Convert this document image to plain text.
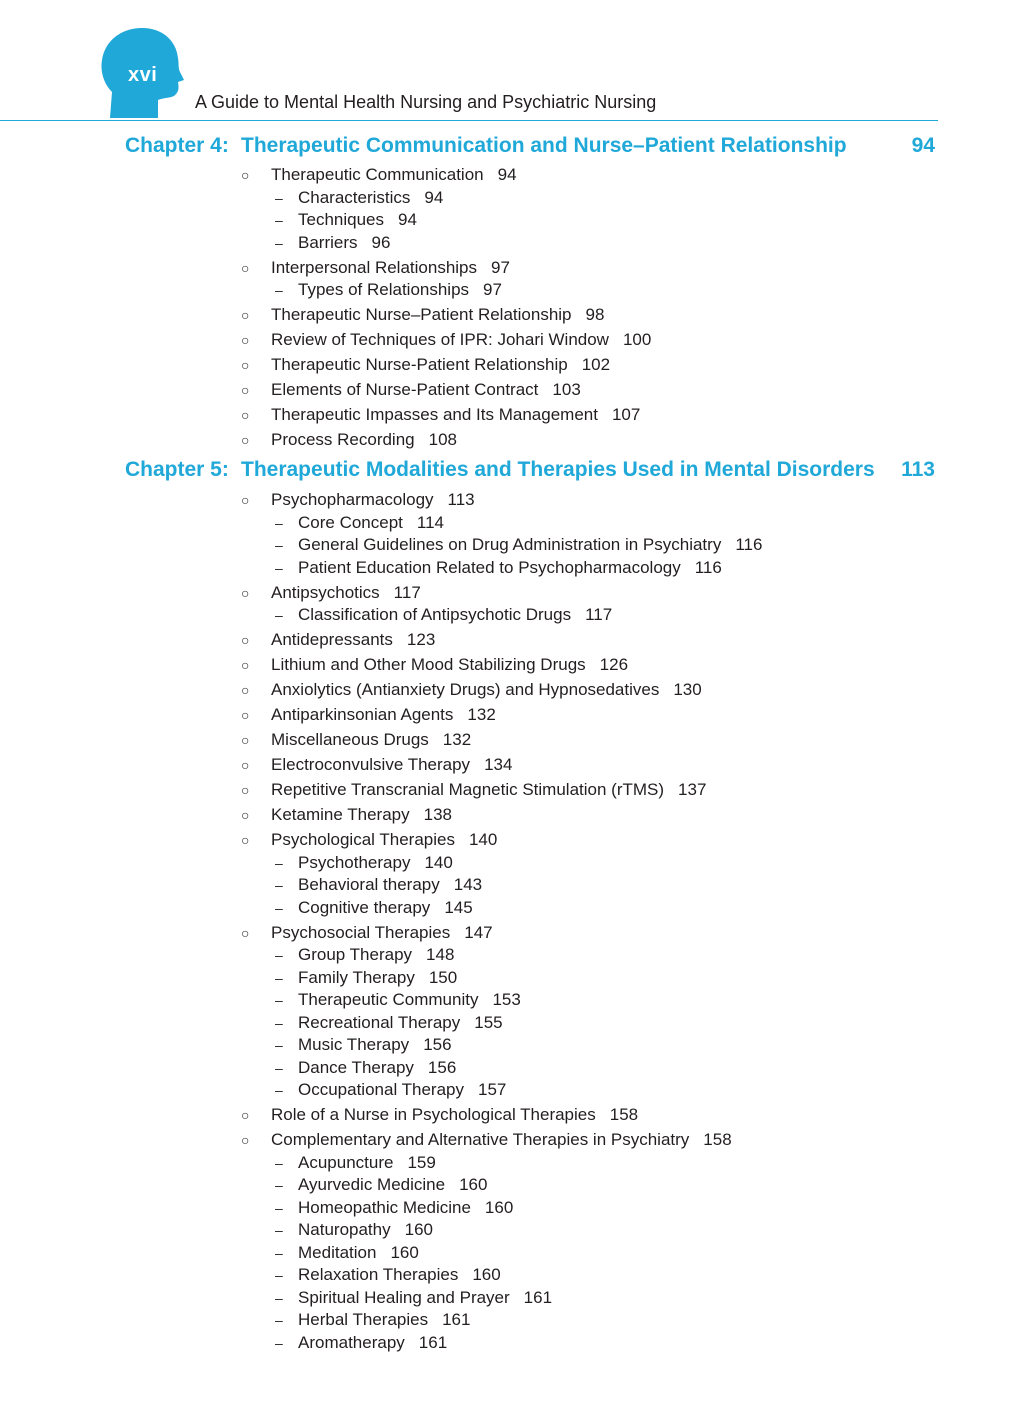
xvi
A Guide to Mental Health Nursing and Psychiatric Nursing
Chapter 4: Therapeutic Communication and Nurse–Patient Relationship	94
○ Therapeutic Communication 94
– Characteristics 94
– Techniques 94
– Barriers 96
○ Interpersonal Relationships 97
– Types of Relationships 97
○ Therapeutic Nurse–Patient Relationship 98
○ Review of Techniques of IPR: Johari Window 100
○ Therapeutic Nurse-Patient Relationship 102
○ Elements of Nurse-Patient Contract 103
○ Therapeutic Impasses and Its Management 107
○ Process Recording 108
Chapter 5: Therapeutic Modalities and Therapies Used in Mental Disorders 113
○ Psychopharmacology 113
– Core Concept 114
– General Guidelines on Drug Administration in Psychiatry 116
– Patient Education Related to Psychopharmacology 116
○ Antipsychotics 117
– Classification of Antipsychotic Drugs 117
○ Antidepressants 123
○ Lithium and Other Mood Stabilizing Drugs 126
○ Anxiolytics (Antianxiety Drugs) and Hypnosedatives 130
○ Antiparkinsonian Agents 132
○ Miscellaneous Drugs 132
○ Electroconvulsive Therapy 134
○ Repetitive Transcranial Magnetic Stimulation (rTMS) 137
○ Ketamine Therapy 138
○ Psychological Therapies 140
– Psychotherapy 140
– Behavioral therapy 143
– Cognitive therapy 145
○ Psychosocial Therapies 147
– Group Therapy 148
– Family Therapy 150
– Therapeutic Community 153
– Recreational Therapy 155
– Music Therapy 156
– Dance Therapy 156
– Occupational Therapy 157
○ Role of a Nurse in Psychological Therapies 158
○ Complementary and Alternative Therapies in Psychiatry 158
– Acupuncture 159
– Ayurvedic Medicine 160
– Homeopathic Medicine 160
– Naturopathy 160
– Meditation 160
– Relaxation Therapies 160
– Spiritual Healing and Prayer 161
– Herbal Therapies 161
– Aromatherapy 161
